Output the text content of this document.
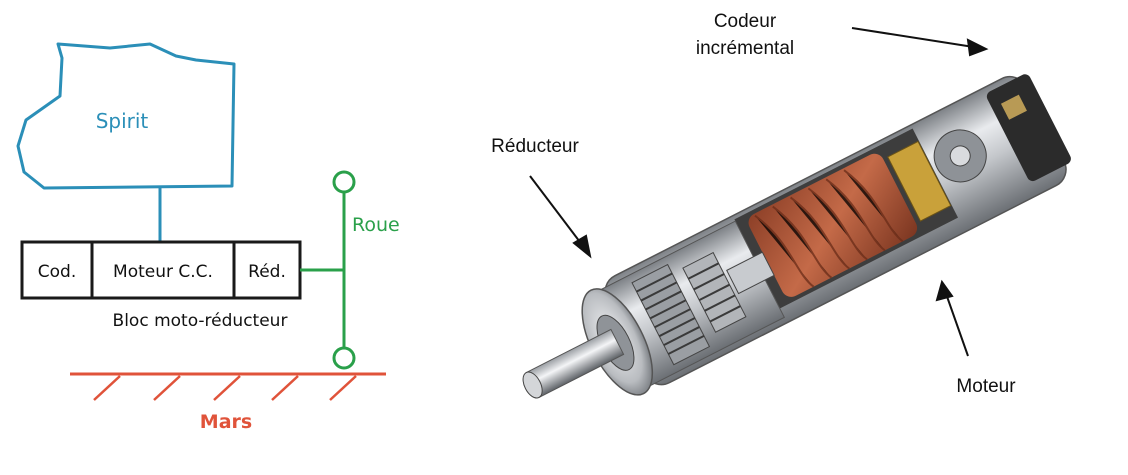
Spirit
Cod. Moteur C.C. Réd.
Bloc moto-réducteur
Roue
Mars
Codeur
incrémental
Réducteur
Moteur
